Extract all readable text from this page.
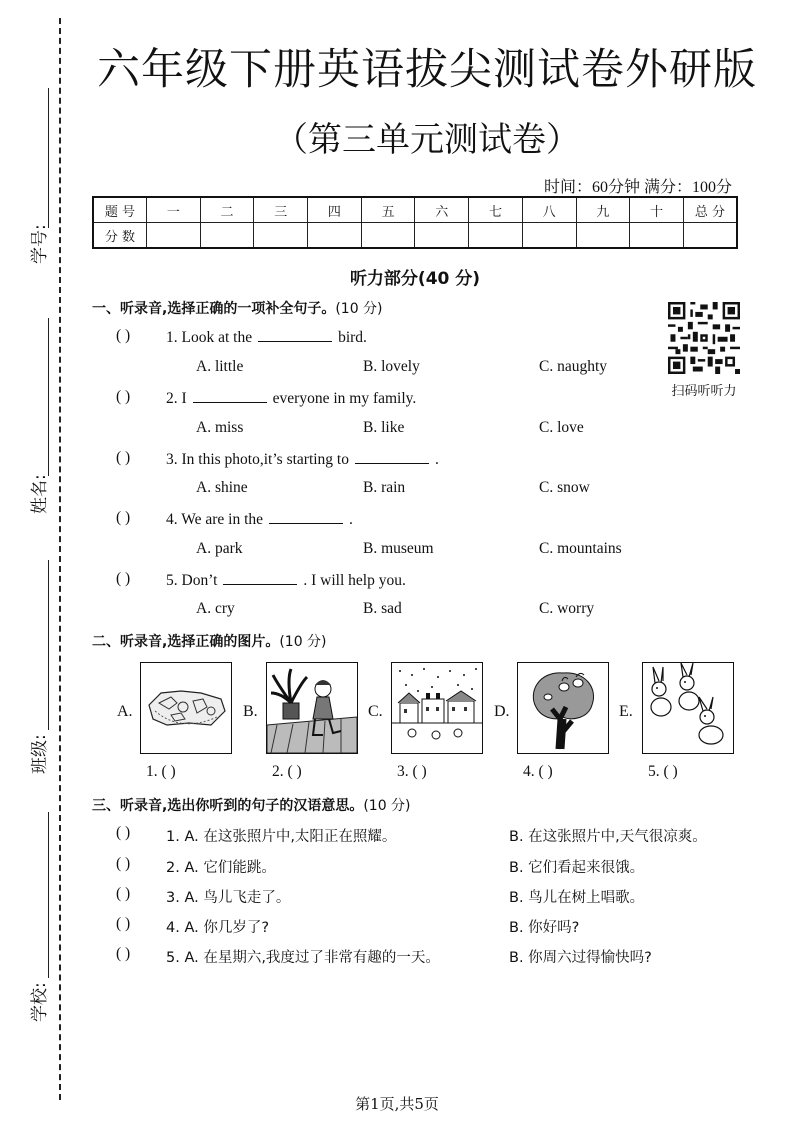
学号:
姓名:
班级:
学校:
六年级下册英语拔尖测试卷外研版
（第三单元测试卷）
时间：60分钟 满分：100分
题 号	一	二	三	四	五	六	七	八	九	十	总 分
分 数											
听力部分(40 分)
一、听录音,选择正确的一项补全句子。(10 分)
扫码听听力
( ) 1. Look at the	bird.
A. little	B. lovely	C. naughty
( ) 2. I	everyone in my family.
A. miss	B. like	C. love
( ) 3. In this photo,it’s starting to	.
A. shine	B. rain	C. snow
( ) 4. We are in the	.
A. park	B. museum	C. mountains
( ) 5. Don’t	. I will help you.
A. cry	B. sad	C. worry
二、听录音,选择正确的图片。(10 分)
A.	B.	C.	D.	E.
1. ( )	2. ( )	3. ( )	4. ( )	5. ( )
三、听录音,选出你听到的句子的汉语意思。(10 分)
( ) 1. A. 在这张照片中,太阳正在照耀。	B. 在这张照片中,天气很凉爽。
( ) 2. A. 它们能跳。	B. 它们看起来很饿。
( ) 3. A. 鸟儿飞走了。	B. 鸟儿在树上唱歌。
( ) 4. A. 你几岁了?	B. 你好吗?
( ) 5. A. 在星期六,我度过了非常有趣的一天。	B. 你周六过得愉快吗?
第1页,共5页
